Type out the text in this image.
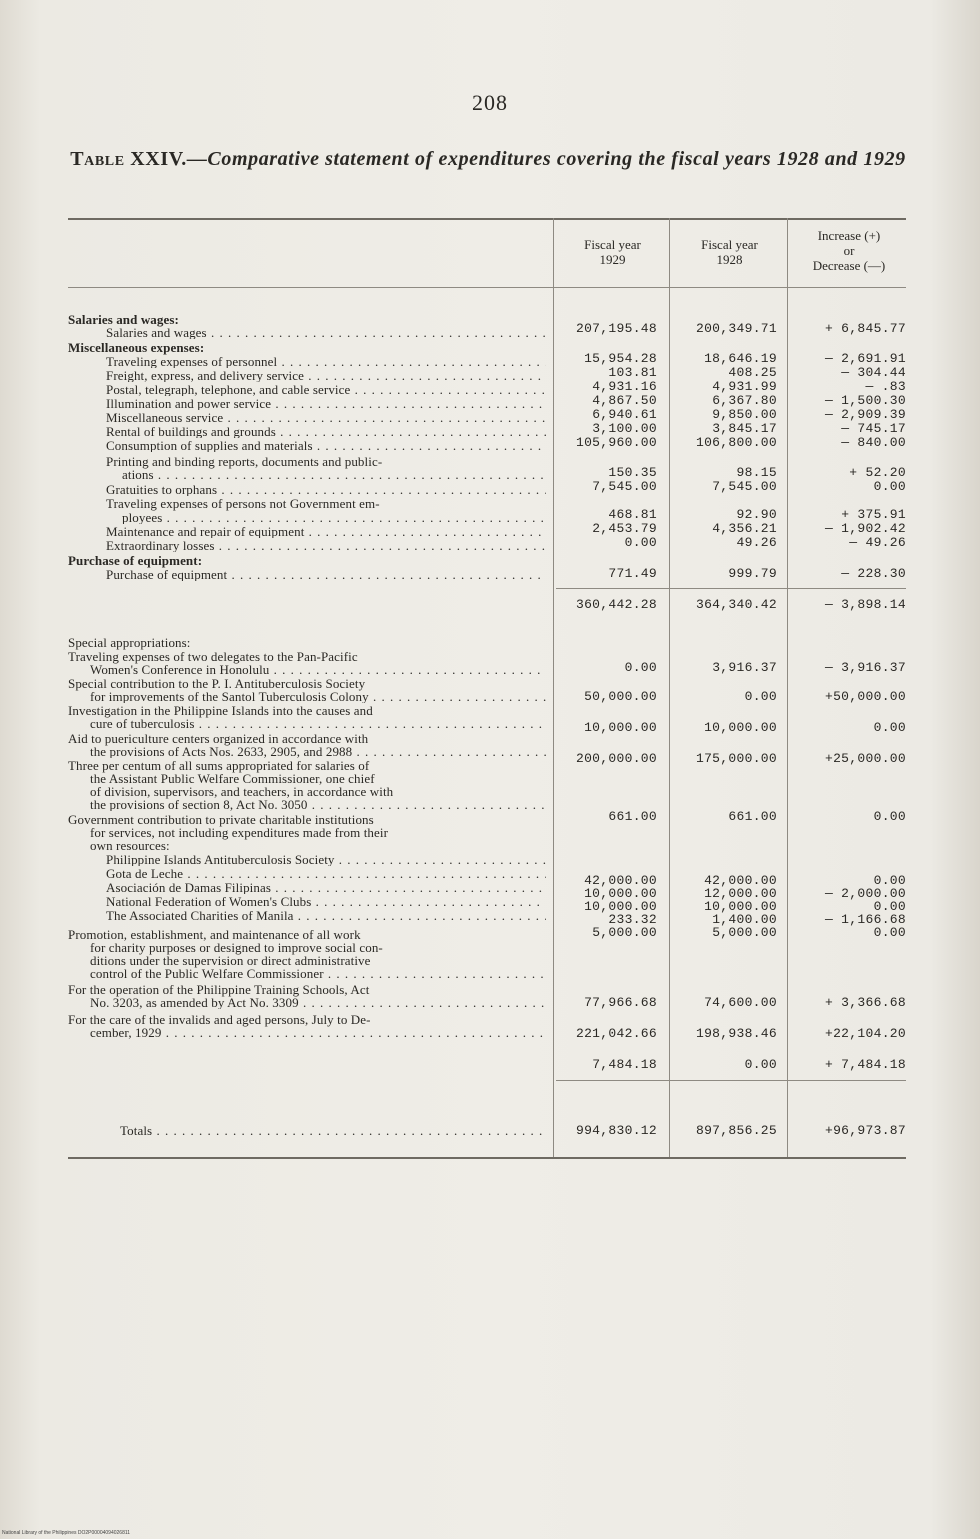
208
Table XXIV.—Comparative statement of expenditures covering the fiscal years 1928 and 1929
Fiscal year
1929
Fiscal year
1928
Increase (+)
or
Decrease (—)
Salaries and wages:
Salaries and wages . . .	207,195.48	200,349.71	+ 6,845.77
Miscellaneous expenses:
Traveling expenses of personnel . . .	15,954.28	18,646.19	— 2,691.91
Freight, express, and delivery service . . .	103.81	408.25	— 304.44
Postal, telegraph, telephone, and cable service . . .	4,931.16	4,931.99	— .83
Illumination and power service . . .	4,867.50	6,367.80	— 1,500.30
Miscellaneous service . . .	6,940.61	9,850.00	— 2,909.39
Rental of buildings and grounds . . .	3,100.00	3,845.17	— 745.17
Consumption of supplies and materials . . .	105,960.00	106,800.00	— 840.00
Printing and binding reports, documents and public-
ations . . .	150.35	98.15	+ 52.20
Gratuities to orphans . . .	7,545.00	7,545.00	0.00
Traveling expenses of persons not Government em-
ployees . . .	468.81	92.90	+ 375.91
Maintenance and repair of equipment . . .	2,453.79	4,356.21	— 1,902.42
Extraordinary losses . . .	0.00	49.26	— 49.26
Purchase of equipment:
Purchase of equipment . . .	771.49	999.79	— 228.30
360,442.28	364,340.42	— 3,898.14
Special appropriations:
Traveling expenses of two delegates to the Pan-Pacific
Women's Conference in Honolulu . . .	0.00	3,916.37	— 3,916.37
Special contribution to the P. I. Antituberculosis Society
for improvements of the Santol Tuberculosis Colony . . .	50,000.00	0.00	+50,000.00
Investigation in the Philippine Islands into the causes and
cure of tuberculosis . . .	10,000.00	10,000.00	0.00
Aid to puericulture centers organized in accordance with
the provisions of Acts Nos. 2633, 2905, and 2988 . . .	200,000.00	175,000.00	+25,000.00
Three per centum of all sums appropriated for salaries of
the Assistant Public Welfare Commissioner, one chief
of division, supervisors, and teachers, in accordance with
the provisions of section 8, Act No. 3050 . . .
661.00	661.00	0.00
Government contribution to private charitable institutions
for services, not including expenditures made from their
own resources:
Philippine Islands Antituberculosis Society . . .
42,000.00	42,000.00	0.00
Gota de Leche . . .
10,000.00	12,000.00	— 2,000.00
Asociación de Damas Filipinas . . .
10,000.00	10,000.00	0.00
National Federation of Women's Clubs . . .
233.32	1,400.00	— 1,166.68
The Associated Charities of Manila . . .
5,000.00	5,000.00	0.00
Promotion, establishment, and maintenance of all work
for charity purposes or designed to improve social con-
ditions under the supervision or direct administrative
control of the Public Welfare Commissioner . . .
77,966.68	74,600.00	+ 3,366.68
For the operation of the Philippine Training Schools, Act
No. 3203, as amended by Act No. 3309 . . .
221,042.66	198,938.46	+22,104.20
For the care of the invalids and aged persons, July to De-
cember, 1929 . . .
7,484.18	0.00	+ 7,484.18
Totals . . .	994,830.12	897,856.25	+96,973.87
National Library of the Philippines DO2P00004094026811
